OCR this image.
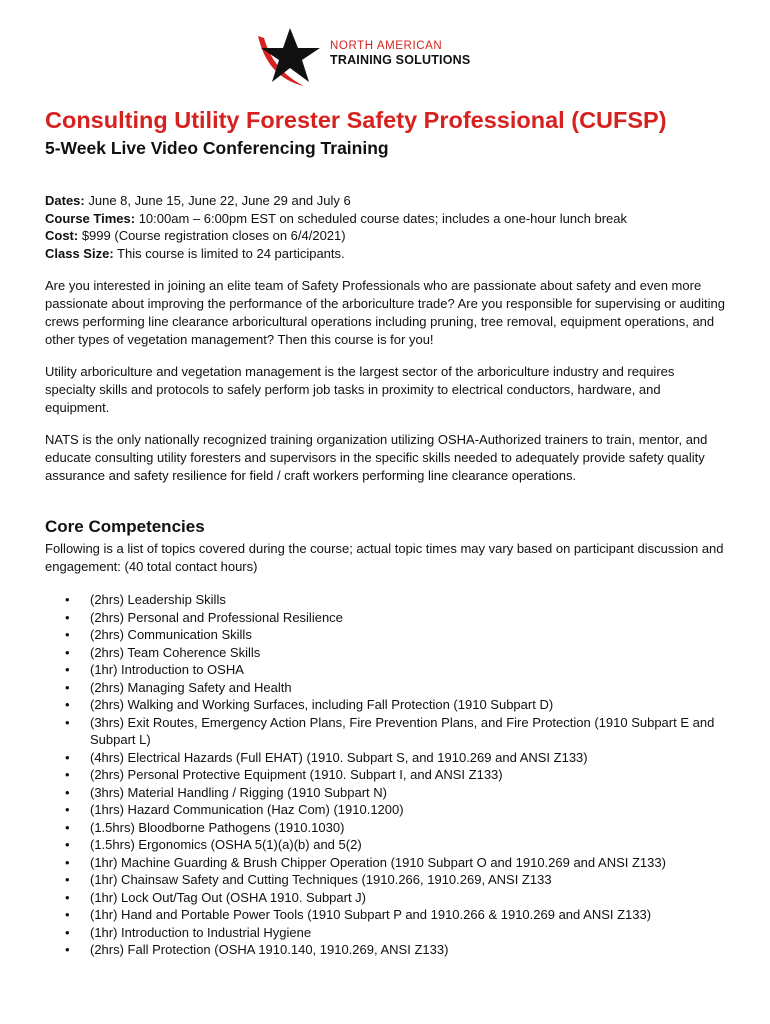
NORTH AMERICAN
TRAINING SOLUTIONS
Consulting Utility Forester Safety Professional (CUFSP)
5-Week Live Video Conferencing Training
Dates: June 8, June 15, June 22, June 29 and July 6
Course Times: 10:00am – 6:00pm EST on scheduled course dates; includes a one-hour lunch break
Cost: $999 (Course registration closes on 6/4/2021)
Class Size: This course is limited to 24 participants.

Are you interested in joining an elite team of Safety Professionals who are passionate about safety and even more passionate about improving the performance of the arboriculture trade? Are you responsible for supervising or auditing crews performing line clearance arboricultural operations including pruning, tree removal, equipment operations, and other types of vegetation management? Then this course is for you!

Utility arboriculture and vegetation management is the largest sector of the arboriculture industry and requires specialty skills and protocols to safely perform job tasks in proximity to electrical conductors, hardware, and equipment.

NATS is the only nationally recognized training organization utilizing OSHA-Authorized trainers to train, mentor, and educate consulting utility foresters and supervisors in the specific skills needed to adequately provide safety quality assurance and safety resilience for field / craft workers performing line clearance operations.

Core Competencies

Following is a list of topics covered during the course; actual topic times may vary based on participant discussion and engagement: (40 total contact hours)

• (2hrs) Leadership Skills
• (2hrs) Personal and Professional Resilience
• (2hrs) Communication Skills
• (2hrs) Team Coherence Skills
• (1hr) Introduction to OSHA
• (2hrs) Managing Safety and Health
• (2hrs) Walking and Working Surfaces, including Fall Protection (1910 Subpart D)
• (3hrs) Exit Routes, Emergency Action Plans, Fire Prevention Plans, and Fire Protection (1910 Subpart E and Subpart L)
• (4hrs) Electrical Hazards (Full EHAT) (1910. Subpart S, and 1910.269 and ANSI Z133)
• (2hrs) Personal Protective Equipment (1910. Subpart I, and ANSI Z133)
• (3hrs) Material Handling / Rigging (1910 Subpart N)
• (1hrs) Hazard Communication (Haz Com) (1910.1200)
• (1.5hrs) Bloodborne Pathogens (1910.1030)
• (1.5hrs) Ergonomics (OSHA 5(1)(a)(b) and 5(2)
• (1hr) Machine Guarding & Brush Chipper Operation (1910 Subpart O and 1910.269 and ANSI Z133)
• (1hr) Chainsaw Safety and Cutting Techniques (1910.266, 1910.269, ANSI Z133
• (1hr) Lock Out/Tag Out (OSHA 1910. Subpart J)
• (1hr) Hand and Portable Power Tools (1910 Subpart P and 1910.266 & 1910.269 and ANSI Z133)
• (1hr) Introduction to Industrial Hygiene
• (2hrs) Fall Protection (OSHA 1910.140, 1910.269, ANSI Z133)
